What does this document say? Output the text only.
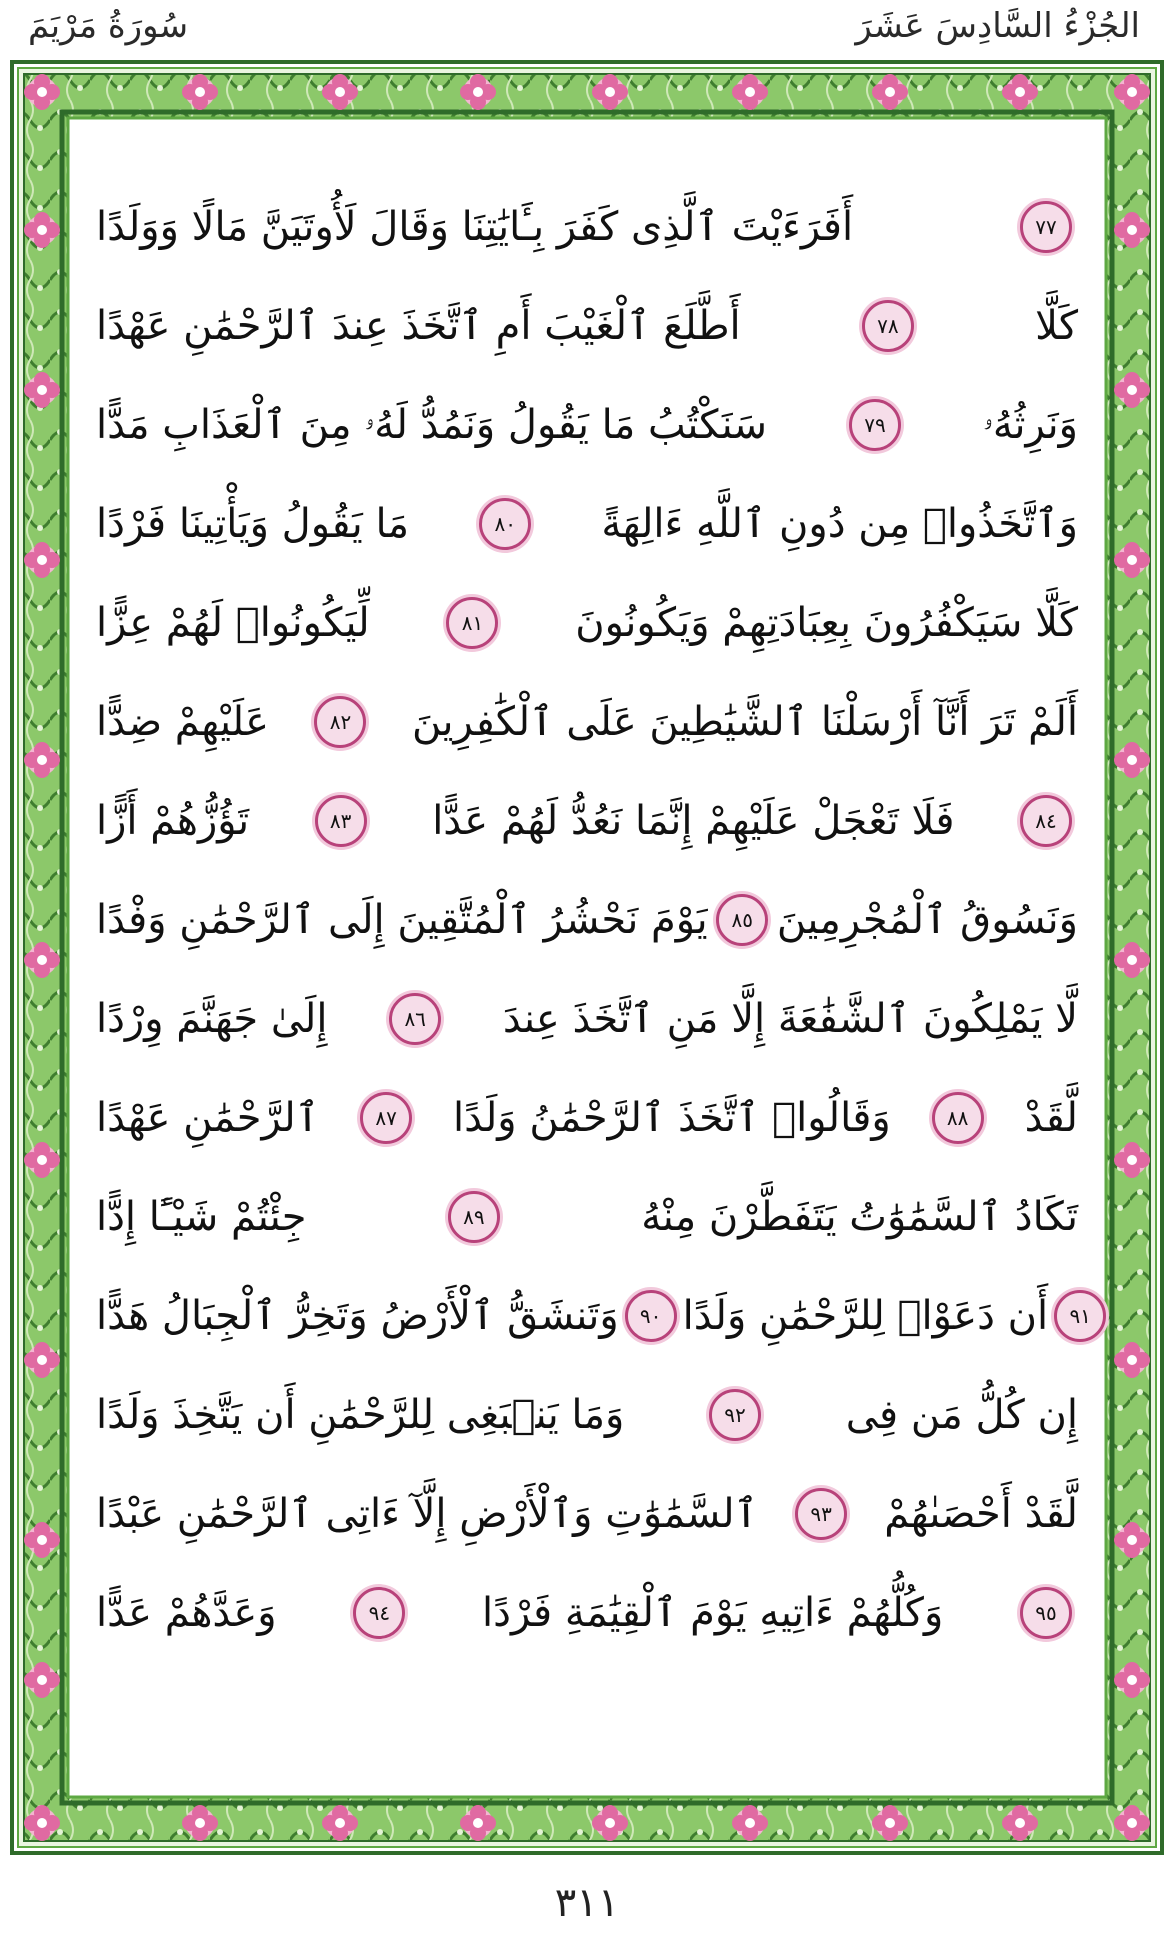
الجُزْءُ السَّادِسَ عَشَرَ
سُورَةُ مَرْيَمَ
أَفَرَءَيْتَ ٱلَّذِى كَفَرَ بِـَٔايَٰتِنَا وَقَالَ لَأُوتَيَنَّ مَالًا وَوَلَدًا	٧٧
أَطَّلَعَ ٱلْغَيْبَ أَمِ ٱتَّخَذَ عِندَ ٱلرَّحْمَٰنِ عَهْدًا	٧٨	كَلَّا
سَنَكْتُبُ مَا يَقُولُ وَنَمُدُّ لَهُۥ مِنَ ٱلْعَذَابِ مَدًّا	٧٩	وَنَرِثُهُۥ
مَا يَقُولُ وَيَأْتِينَا فَرْدًا	٨٠	وَٱتَّخَذُوا۟ مِن دُونِ ٱللَّهِ ءَالِهَةً
لِّيَكُونُوا۟ لَهُمْ عِزًّا	٨١	كَلَّا سَيَكْفُرُونَ بِعِبَادَتِهِمْ وَيَكُونُونَ
عَلَيْهِمْ ضِدًّا	٨٢	أَلَمْ تَرَ أَنَّآ أَرْسَلْنَا ٱلشَّيَٰطِينَ عَلَى ٱلْكَٰفِرِينَ
تَؤُزُّهُمْ أَزًّا	٨٣	فَلَا تَعْجَلْ عَلَيْهِمْ إِنَّمَا نَعُدُّ لَهُمْ عَدًّا	٨٤
يَوْمَ نَحْشُرُ ٱلْمُتَّقِينَ إِلَى ٱلرَّحْمَٰنِ وَفْدًا	٨٥ وَنَسُوقُ ٱلْمُجْرِمِينَ
إِلَىٰ جَهَنَّمَ وِرْدًا	٨٦	لَّا يَمْلِكُونَ ٱلشَّفَٰعَةَ إِلَّا مَنِ ٱتَّخَذَ عِندَ
ٱلرَّحْمَٰنِ عَهْدًا	٨٧	وَقَالُوا۟ ٱتَّخَذَ ٱلرَّحْمَٰنُ وَلَدًا	٨٨	لَّقَدْ
جِئْتُمْ شَيْـًٔا إِدًّا	٨٩	تَكَادُ ٱلسَّمَٰوَٰتُ يَتَفَطَّرْنَ مِنْهُ
وَتَنشَقُّ ٱلْأَرْضُ وَتَخِرُّ ٱلْجِبَالُ هَدًّا	٩٠ أَن دَعَوْا۟ لِلرَّحْمَٰنِ وَلَدًا	٩١
وَمَا يَنۢبَغِى لِلرَّحْمَٰنِ أَن يَتَّخِذَ وَلَدًا	٩٢	إِن كُلُّ مَن فِى
ٱلسَّمَٰوَٰتِ وَٱلْأَرْضِ إِلَّآ ءَاتِى ٱلرَّحْمَٰنِ عَبْدًا	٩٣	لَّقَدْ أَحْصَىٰهُمْ
وَعَدَّهُمْ عَدًّا	٩٤	وَكُلُّهُمْ ءَاتِيهِ يَوْمَ ٱلْقِيَٰمَةِ فَرْدًا	٩٥
٣١١
